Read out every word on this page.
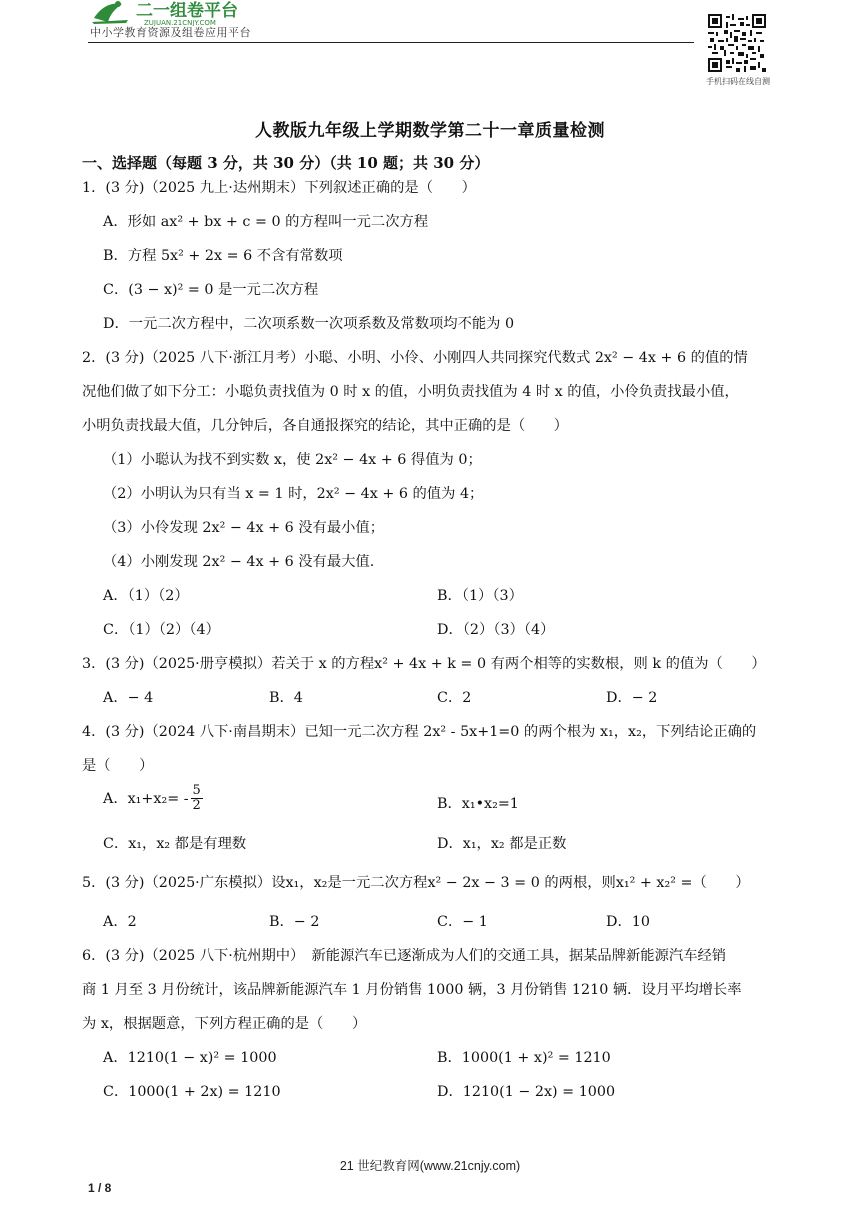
二一组卷平台
ZUJUAN.21CNJY.COM
中小学教育资源及组卷应用平台
手机扫码在线自测
人教版九年级上学期数学第二十一章质量检测
一、选择题（每题 3 分，共 30 分）（共 10 题；共 30 分）
1．(3 分)（2025 九上·达州期末）下列叙述正确的是（　　）
A．形如 ax² + bx + c = 0 的方程叫一元二次方程
B．方程 5x² + 2x = 6 不含有常数项
C．(3 − x)² = 0 是一元二次方程
D．一元二次方程中，二次项系数一次项系数及常数项均不能为 0
2．(3 分)（2025 八下·浙江月考）小聪、小明、小伶、小刚四人共同探究代数式 2x² − 4x + 6 的值的情
况他们做了如下分工：小聪负责找值为 0 时 x 的值，小明负责找值为 4 时 x 的值，小伶负责找最小值，
小明负责找最大值，几分钟后，各自通报探究的结论，其中正确的是（　　）
（1）小聪认为找不到实数 x，使 2x² − 4x + 6 得值为 0；
（2）小明认为只有当 x = 1 时，2x² − 4x + 6 的值为 4；
（3）小伶发现 2x² − 4x + 6 没有最小值；
（4）小刚发现 2x² − 4x + 6 没有最大值.
A．（1）（2）	B．（1）（3）
C．（1）（2）（4）	D．（2）（3）（4）
3．(3 分)（2025·册亨模拟）若关于 x 的方程x² + 4x + k = 0 有两个相等的实数根，则 k 的值为（　　）
A．− 4	B．4	C．2	D．− 2
4．(3 分)（2024 八下·南昌期末）已知一元二次方程 2x² - 5x+1=0 的两个根为 x₁，x₂，下列结论正确的
是（　　）
A．$x_1+x_2= - \frac{5}{2}$	B．x₁•x₂=1
C．x₁，x₂ 都是有理数	D．x₁，x₂ 都是正数
5．(3 分)（2025·广东模拟）设x₁，x₂是一元二次方程x² − 2x − 3 = 0 的两根，则x₁² + x₂² =（　　）
A．2	B．− 2	C．− 1	D．10
6．(3 分)（2025 八下·杭州期中）　新能源汽车已逐渐成为人们的交通工具，据某品牌新能源汽车经销
商 1 月至 3 月份统计，该品牌新能源汽车 1 月份销售 1000 辆，3 月份销售 1210 辆．设月平均增长率
为 x，根据题意，下列方程正确的是（　　）
A．1210(1 − x)² = 1000	B．1000(1 + x)² = 1210
C．1000(1 + 2x) = 1210	D．1210(1 − 2x) = 1000
21 世纪教育网(www.21cnjy.com)
1 / 8
